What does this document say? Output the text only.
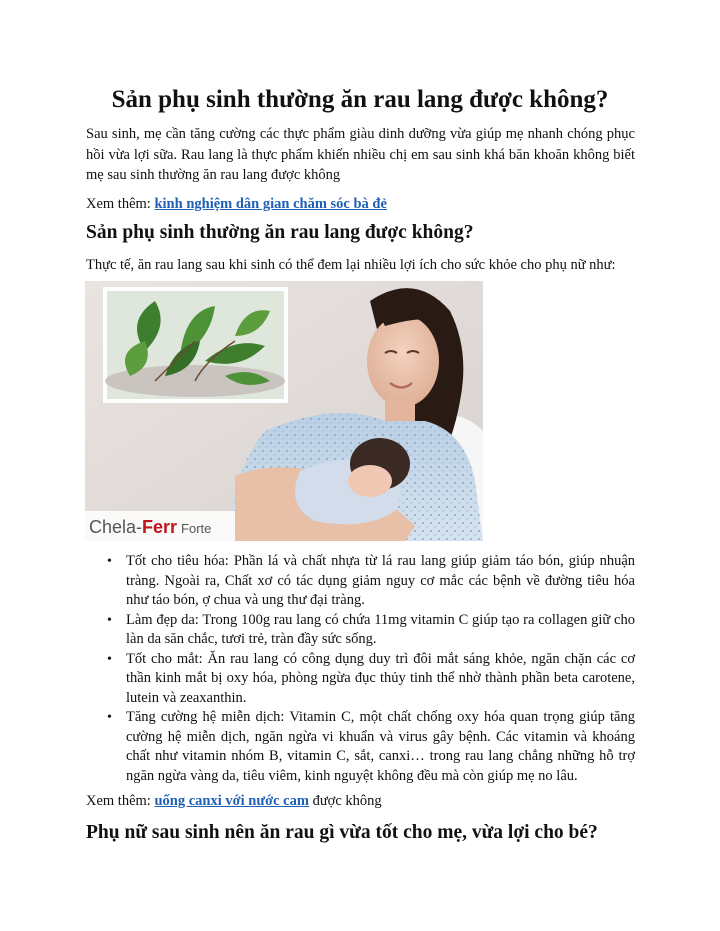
Sản phụ sinh thường ăn rau lang được không?

Sau sinh, mẹ cần tăng cường các thực phẩm giàu dinh dưỡng vừa giúp mẹ nhanh chóng phục hồi vừa lợi sữa. Rau lang là thực phẩm khiến nhiều chị em sau sinh khá băn khoăn không biết mẹ sau sinh thường ăn rau lang được không

Xem thêm: kinh nghiệm dân gian chăm sóc bà đẻ

Sản phụ sinh thường ăn rau lang được không?

Thực tế, ăn rau lang sau khi sinh có thể đem lại nhiều lợi ích cho sức khỏe cho phụ nữ như:

Chela-Ferr Forte
• Tốt cho tiêu hóa: Phần lá và chất nhựa từ lá rau lang giúp giảm táo bón, giúp nhuận tràng. Ngoài ra, Chất xơ có tác dụng giảm nguy cơ mắc các bệnh về đường tiêu hóa như táo bón, ợ chua và ung thư đại tràng.
• Làm đẹp da: Trong 100g rau lang có chứa 11mg vitamin C giúp tạo ra collagen giữ cho làn da săn chắc, tươi trẻ, tràn đầy sức sống.
• Tốt cho mắt: Ăn rau lang có công dụng duy trì đôi mắt sáng khỏe, ngăn chặn các cơ thần kinh mắt bị oxy hóa, phòng ngừa đục thủy tinh thể nhờ thành phần beta carotene, lutein và zeaxanthin.
• Tăng cường hệ miễn dịch: Vitamin C, một chất chống oxy hóa quan trọng giúp tăng cường hệ miễn dịch, ngăn ngừa vi khuẩn và virus gây bệnh. Các vitamin và khoáng chất như vitamin nhóm B, vitamin C, sắt, canxi… trong rau lang chẳng những hỗ trợ ngăn ngừa vàng da, tiêu viêm, kinh nguyệt không đều mà còn giúp mẹ no lâu.

Xem thêm: uống canxi với nước cam được không

Phụ nữ sau sinh nên ăn rau gì vừa tốt cho mẹ, vừa lợi cho bé?
